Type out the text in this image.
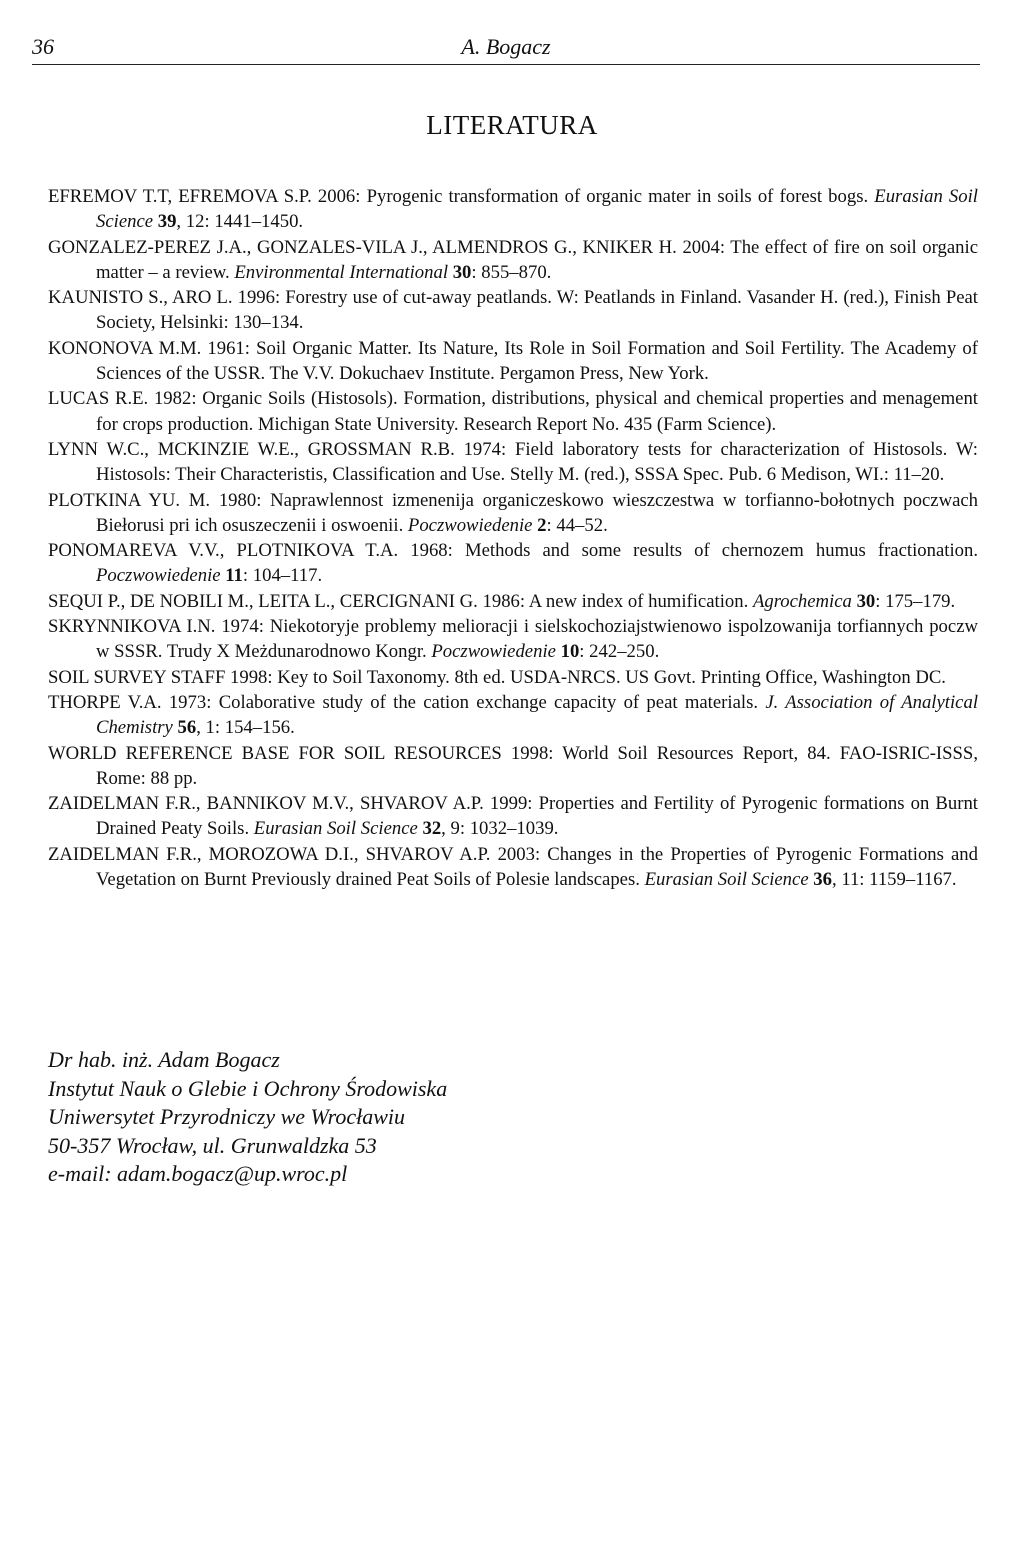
36	A. Bogacz
LITERATURA

EFREMOV T.T, EFREMOVA S.P. 2006: Pyrogenic transformation of organic mater in soils of forest bogs. Eurasian Soil Science 39, 12: 1441–1450.

GONZALEZ-PEREZ J.A., GONZALES-VILA J., ALMENDROS G., KNIKER H. 2004: The effect of fire on soil organic matter – a review. Environmental International 30: 855–870.

KAUNISTO S., ARO L. 1996: Forestry use of cut-away peatlands. W: Peatlands in Finland. Vasander H. (red.), Finish Peat Society, Helsinki: 130–134.

KONONOVA M.M. 1961: Soil Organic Matter. Its Nature, Its Role in Soil Formation and Soil Fertility. The Academy of Sciences of the USSR. The V.V. Dokuchaev Institute. Pergamon Press, New York.

LUCAS R.E. 1982: Organic Soils (Histosols). Formation, distributions, physical and chemical properties and menagement for crops production. Michigan State University. Research Report No. 435 (Farm Science).

LYNN W.C., MCKINZIE W.E., GROSSMAN R.B. 1974: Field laboratory tests for characterization of Histosols. W: Histosols: Their Characteristis, Classification and Use. Stelly M. (red.), SSSA Spec. Pub. 6 Medison, WI.: 11–20.

PLOTKINA YU. M. 1980: Naprawlennost izmenenija organiczeskowo wieszczestwa w torfianno-bołotnych poczwach Biełorusi pri ich osuszeczenii i oswoenii. Poczwowiedenie 2: 44–52.

PONOMAREVA V.V., PLOTNIKOVA T.A. 1968: Methods and some results of chernozem humus fractionation. Poczwowiedenie 11: 104–117.

SEQUI P., DE NOBILI M., LEITA L., CERCIGNANI G. 1986: A new index of humification. Agrochemica 30: 175–179.

SKRYNNIKOVA I.N. 1974: Niekotoryje problemy melioracji i sielskochoziajstwienowo ispolzowanija torfiannych poczw w SSSR. Trudy X Meżdunarodnowo Kongr. Poczwowiedenie 10: 242–250.

SOIL SURVEY STAFF 1998: Key to Soil Taxonomy. 8th ed. USDA-NRCS. US Govt. Printing Office, Washington DC.

THORPE V.A. 1973: Colaborative study of the cation exchange capacity of peat materials. J. Association of Analytical Chemistry 56, 1: 154–156.

WORLD REFERENCE BASE FOR SOIL RESOURCES 1998: World Soil Resources Report, 84. FAO-ISRIC-ISSS, Rome: 88 pp.

ZAIDELMAN F.R., BANNIKOV M.V., SHVAROV A.P. 1999: Properties and Fertility of Pyrogenic formations on Burnt Drained Peaty Soils. Eurasian Soil Science 32, 9: 1032–1039.

ZAIDELMAN F.R., MOROZOWA D.I., SHVAROV A.P. 2003: Changes in the Properties of Pyrogenic Formations and Vegetation on Burnt Previously drained Peat Soils of Polesie landscapes. Eurasian Soil Science 36, 11: 1159–1167.

Dr hab. inż. Adam Bogacz
Instytut Nauk o Glebie i Ochrony Środowiska
Uniwersytet Przyrodniczy we Wrocławiu
50-357 Wrocław, ul. Grunwaldzka 53
e-mail: adam.bogacz@up.wroc.pl
